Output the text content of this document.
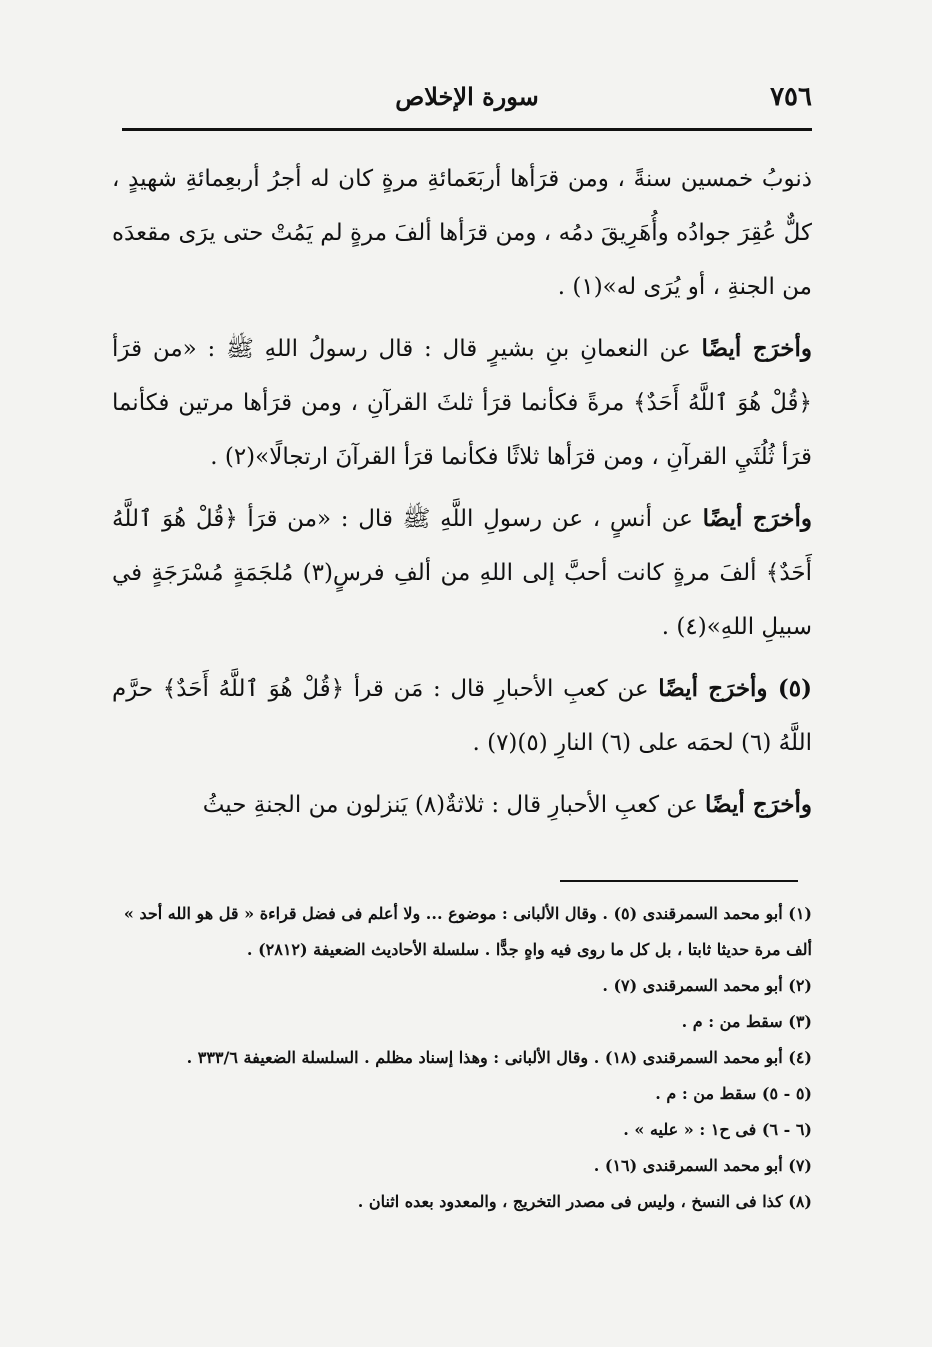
٧٥٦
سورة الإخلاص

ذنوبُ خمسين سنةً ، ومن قرَأها أربَعَمائةِ مرةٍ كان له أجرُ أربعِمائةِ شهيدٍ ، كلٌّ عُقِرَ جوادُه وأُهَرِيقَ دمُه ، ومن قرَأها ألفَ مرةٍ لم يَمُتْ حتى يرَى مقعدَه من الجنةِ ، أو يُرَى له»(١) .

وأخرَج أيضًا عن النعمانِ بنِ بشيرٍ قال : قال رسولُ اللهِ ﷺ : «من قرَأ ﴿قُلْ هُوَ ٱللَّهُ أَحَدٌ﴾ مرةً فكأنما قرَأ ثلثَ القرآنِ ، ومن قرَأها مرتين فكأنما قرَأ ثُلُثَيِ القرآنِ ، ومن قرَأها ثلاثًا فكأنما قرَأ القرآنَ ارتجالًا»(٢) .

وأخرَج أيضًا عن أنسٍ ، عن رسولِ اللَّهِ ﷺ قال : «من قرَأ ﴿قُلْ هُوَ ٱللَّهُ أَحَدٌ﴾ ألفَ مرةٍ كانت أحبَّ إلى اللهِ من ألفِ فرسٍ(٣) مُلجَمَةٍ مُسْرَجَةٍ في سبيلِ اللهِ»(٤) .

(٥) وأخرَج أيضًا عن كعبِ الأحبارِ قال : مَن قرأ ﴿قُلْ هُوَ ٱللَّهُ أَحَدٌ﴾ حرَّم اللَّهُ (٦) لحمَه على (٦) النارِ (٥)(٧) .

وأخرَج أيضًا عن كعبِ الأحبارِ قال : ثلاثةٌ(٨) يَنزلون من الجنةِ حيثُ

(١) أبو محمد السمرقندى (٥) . وقال الألبانى : موضوع ... ولا أعلم فى فضل قراءة « قل هو الله أحد » ألف مرة حديثا ثابتا ، بل كل ما روى فيه واهٍ جدًّا . سلسلة الأحاديث الضعيفة (٢٨١٢) .

(٢) أبو محمد السمرقندى (٧) .

(٣) سقط من : م .

(٤) أبو محمد السمرقندى (١٨) . وقال الألبانى : وهذا إسناد مظلم . السلسلة الضعيفة ٣٣٣/٦ .

(٥ - ٥) سقط من : م .

(٦ - ٦) فى ح١ : « عليه » .

(٧) أبو محمد السمرقندى (١٦) .

(٨) كذا فى النسخ ، وليس فى مصدر التخريج ، والمعدود بعده اثنان .
